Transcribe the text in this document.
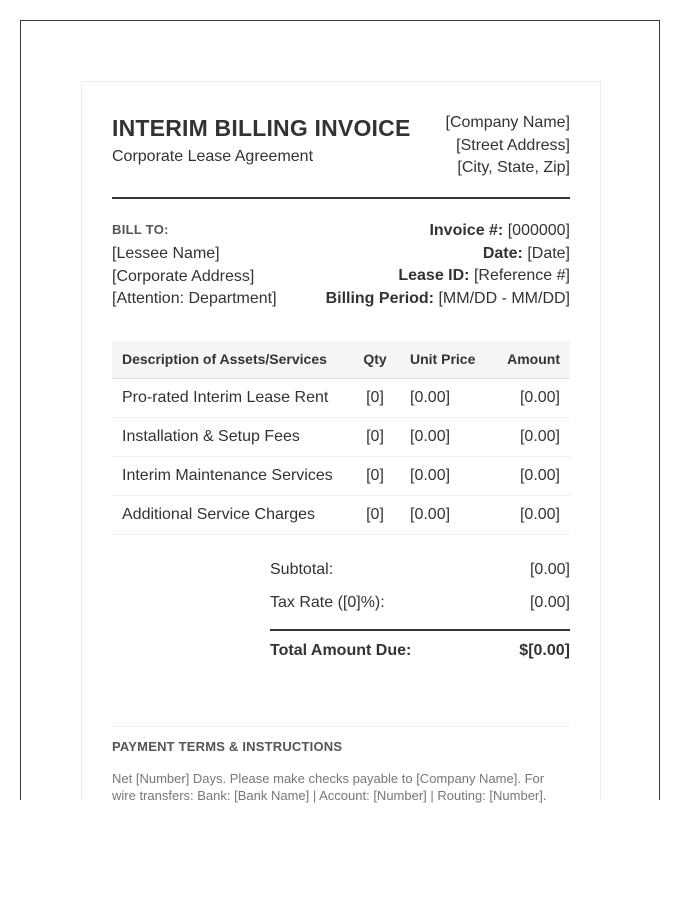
INTERIM BILLING INVOICE
Corporate Lease Agreement
[Company Name]
[Street Address]
[City, State, Zip]
BILL TO:
[Lessee Name]
[Corporate Address]
[Attention: Department]
Invoice #: [000000]
Date: [Date]
Lease ID: [Reference #]
Billing Period: [MM/DD - MM/DD]
Description of Assets/Services	Qty	Unit Price	Amount
Pro-rated Interim Lease Rent	[0]	[0.00]	[0.00]
Installation & Setup Fees	[0]	[0.00]	[0.00]
Interim Maintenance Services	[0]	[0.00]	[0.00]
Additional Service Charges	[0]	[0.00]	[0.00]
Subtotal:	[0.00]
Tax Rate ([0]%):	[0.00]
Total Amount Due:	$[0.00]
PAYMENT TERMS & INSTRUCTIONS
Net [Number] Days. Please make checks payable to [Company Name]. For wire transfers: Bank: [Bank Name] | Account: [Number] | Routing: [Number].
